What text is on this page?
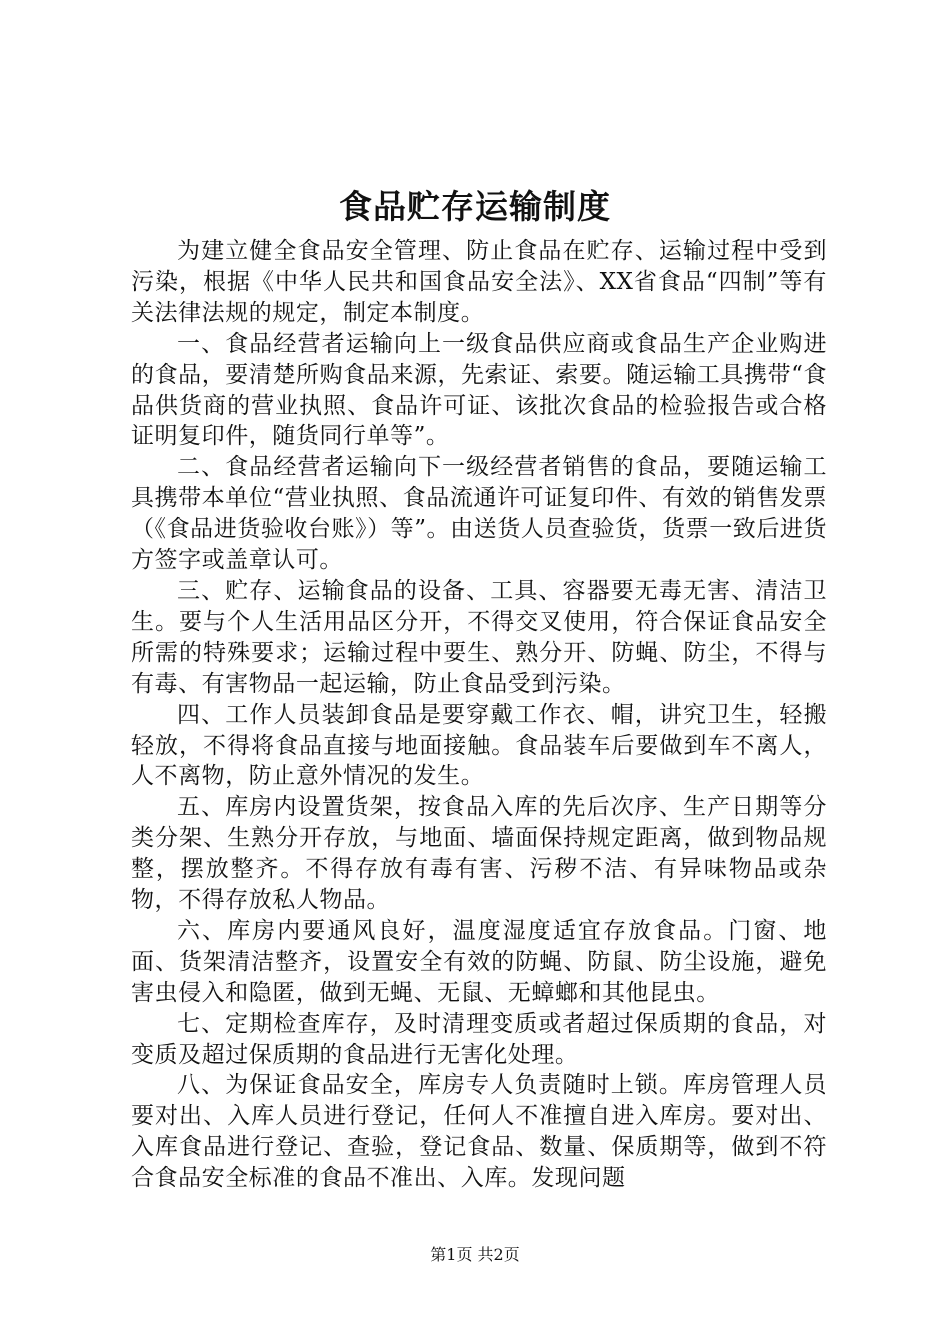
食品贮存运输制度

为建立健全食品安全管理、防止食品在贮存、运输过程中受到污染，根据《中华人民共和国食品安全法》、XX省食品“四制”等有关法律法规的规定，制定本制度。

一、食品经营者运输向上一级食品供应商或食品生产企业购进的食品，要清楚所购食品来源，先索证、索要。随运输工具携带“食品供货商的营业执照、食品许可证、该批次食品的检验报告或合格证明复印件，随货同行单等”。

二、食品经营者运输向下一级经营者销售的食品，要随运输工具携带本单位“营业执照、食品流通许可证复印件、有效的销售发票（《食品进货验收台账》）等”。由送货人员查验货，货票一致后进货方签字或盖章认可。

三、贮存、运输食品的设备、工具、容器要无毒无害、清洁卫生。要与个人生活用品区分开，不得交叉使用，符合保证食品安全所需的特殊要求；运输过程中要生、熟分开、防蝇、防尘，不得与有毒、有害物品一起运输，防止食品受到污染。

四、工作人员装卸食品是要穿戴工作衣、帽，讲究卫生，轻搬轻放，不得将食品直接与地面接触。食品装车后要做到车不离人，人不离物，防止意外情况的发生。

五、库房内设置货架，按食品入库的先后次序、生产日期等分类分架、生熟分开存放，与地面、墙面保持规定距离，做到物品规整，摆放整齐。不得存放有毒有害、污秽不洁、有异味物品或杂物，不得存放私人物品。

六、库房内要通风良好，温度湿度适宜存放食品。门窗、地面、货架清洁整齐，设置安全有效的防蝇、防鼠、防尘设施，避免害虫侵入和隐匿，做到无蝇、无鼠、无蟑螂和其他昆虫。

七、定期检查库存，及时清理变质或者超过保质期的食品，对变质及超过保质期的食品进行无害化处理。

八、为保证食品安全，库房专人负责随时上锁。库房管理人员要对出、入库人员进行登记，任何人不准擅自进入库房。要对出、入库食品进行登记、查验，登记食品、数量、保质期等，做到不符合食品安全标准的食品不准出、入库。发现问题

第1页 共2页
